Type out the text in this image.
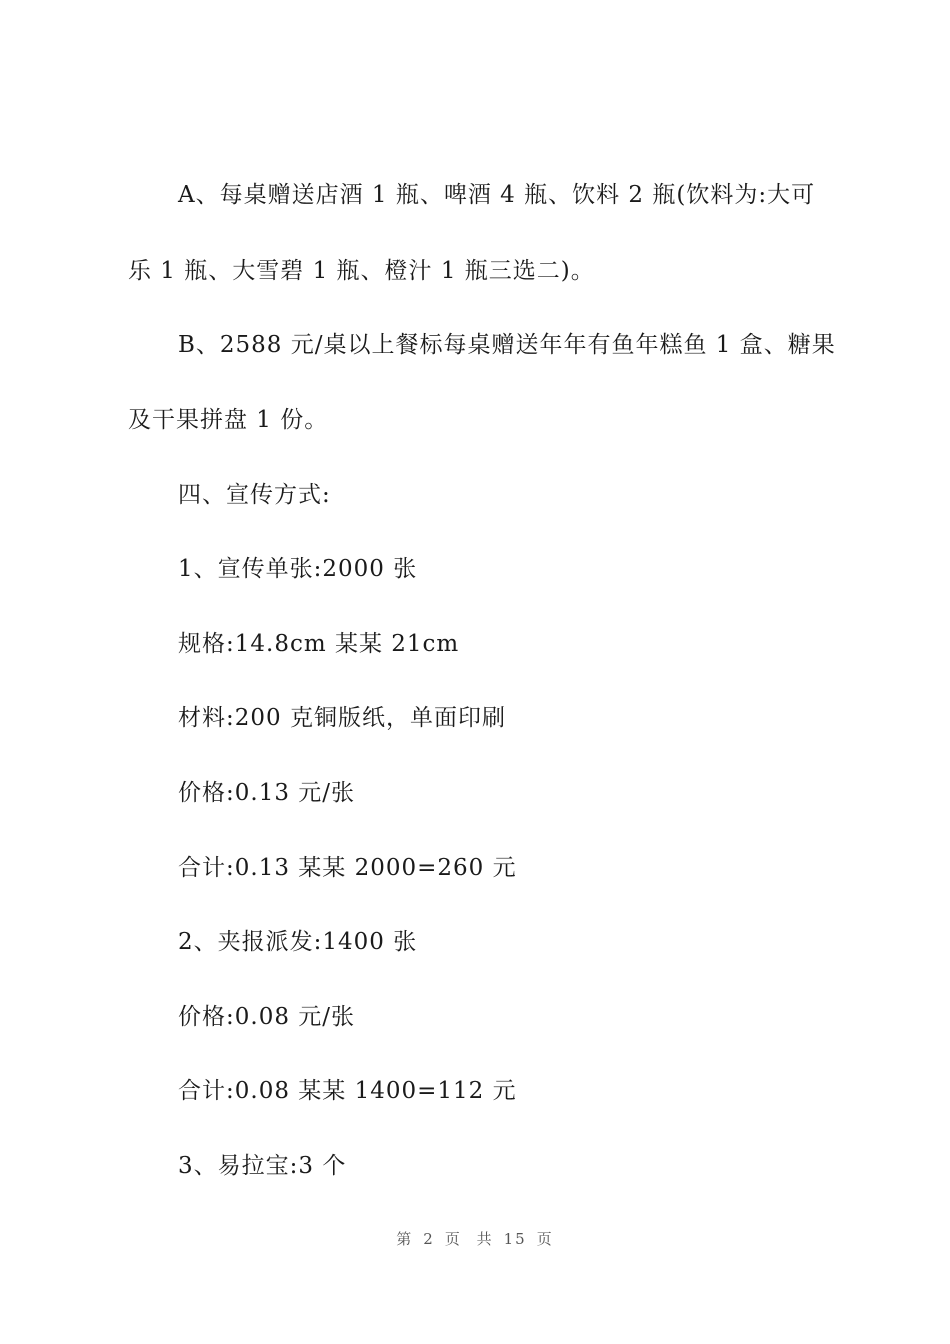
A、每桌赠送店酒 1 瓶、啤酒 4 瓶、饮料 2 瓶(饮料为:大可
乐 1 瓶、大雪碧 1 瓶、橙汁 1 瓶三选二)。
B、2588 元/桌以上餐标每桌赠送年年有鱼年糕鱼 1 盒、糖果
及干果拼盘 1 份。
四、宣传方式:
1、宣传单张:2000 张
规格:14.8cm 某某 21cm
材料:200 克铜版纸，单面印刷
价格:0.13 元/张
合计:0.13 某某 2000=260 元
2、夹报派发:1400 张
价格:0.08 元/张
合计:0.08 某某 1400=112 元
3、易拉宝:3 个
第 2 页 共 15 页
